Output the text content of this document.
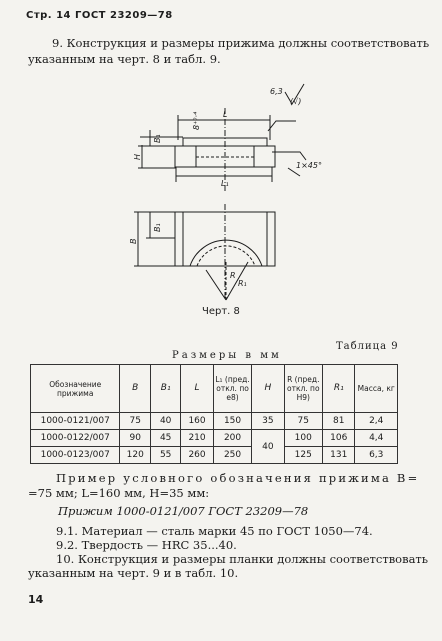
Стр. 14 ГОСТ 23209—78
9. Конструкция и размеры прижима должны соответствовать
указанным на черт. 8 и табл. 9.
L
L₁
8⁺⁰·⁴
B₁
H
B
B₁
R
R₁
6,3
(√)
1×45°
Черт. 8
Таблица 9
Размеры в мм
Обозначение прижима	B	B₁	L	L₁ (пред. откл. по e8)	H	R (пред. откл. по H9)	R₁	Масса, кг
1000-0121/007	75	40	160	150	35	75	81	2,4
1000-0122/007	90	45	210	200	40	100	106	4,4
1000-0123/007	120	55	260	250		125	131	6,3
Пример условного обозначения прижима B=
=75 мм; L=160 мм, H=35 мм:
Прижим 1000-0121/007 ГОСТ 23209—78
9.1. Материал — сталь марки 45 по ГОСТ 1050—74.
9.2. Твердость — HRC 35...40.
10. Конструкция и размеры планки должны соответствовать
указанным на черт. 9 и в табл. 10.
14
